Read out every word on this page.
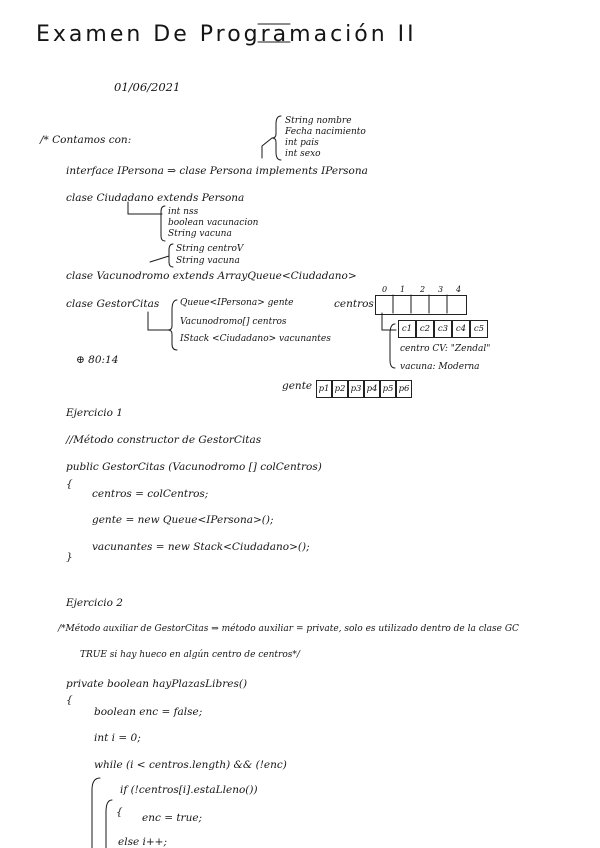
Examen De Programación II
01/06/2021
/* Contamos con:
String nombre
Fecha nacimiento
int pais
int sexo
interface IPersona ⇒ clase Persona implements IPersona
clase Ciudadano extends Persona
int nss
boolean vacunacion
String vacuna
String centroV
String vacuna
clase Vacunodromo extends ArrayQueue<Ciudadano>
clase GestorCitas Queue<IPersona> gente
Vacunodromo[] centros
IStack <Ciudadano> vacunantes
centros
0 1 2 3 4
c1 c2 c3 c4 c5
centro CV: "Zendal"
vacuna: Moderna
⊕ 80:14
gente p1 p2 p3 p4 p5 p6
Ejercicio 1
//Método constructor de GestorCitas
public GestorCitas (Vacunodromo [] colCentros)
{
centros = colCentros;
gente = new Queue<IPersona>();
vacunantes = new Stack<Ciudadano>();
}
Ejercicio 2
/*Método auxiliar de GestorCitas ⇒ método auxiliar = private, solo es utilizado dentro de la clase GC
TRUE si hay hueco en algún centro de centros*/
private boolean hayPlazasLibres()
{
boolean enc = false;
int i = 0;
while (i < centros.length) && (!enc)
if (!centros[i].estaLleno())
{ enc = true;
else i++;
